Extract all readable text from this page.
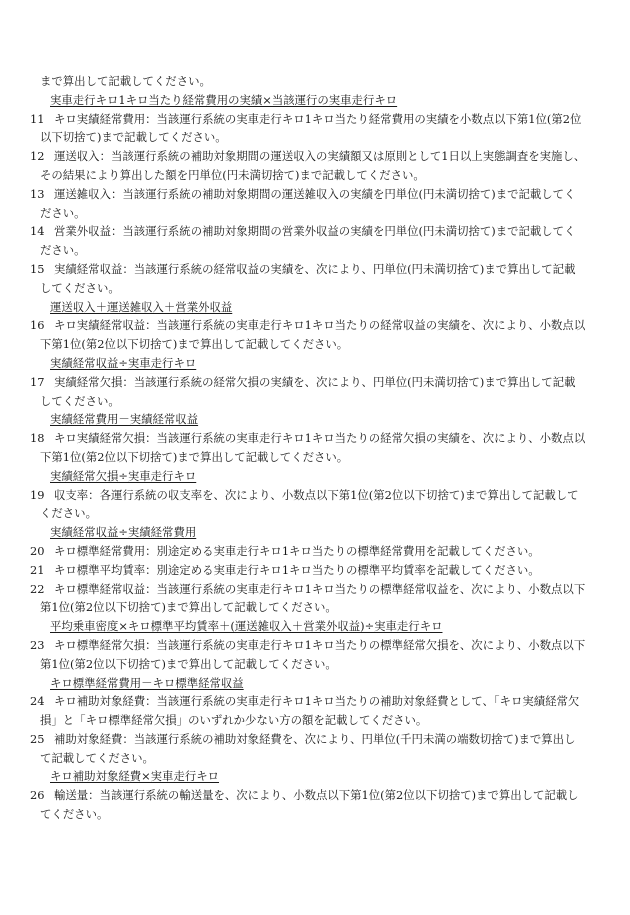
まで算出して記載してください。
実車走行キロ1キロ当たり経常費用の実績×当該運行の実車走行キロ
11 キロ実績経常費用：当該運行系統の実車走行キロ1キロ当たり経常費用の実績を小数点以下第1位(第2位
以下切捨て)まで記載してください。
12 運送収入：当該運行系統の補助対象期間の運送収入の実績額又は原則として1日以上実態調査を実施し、
その結果により算出した額を円単位(円未満切捨て)まで記載してください。
13 運送雑収入：当該運行系統の補助対象期間の運送雑収入の実績を円単位(円未満切捨て)まで記載してく
ださい。
14 営業外収益：当該運行系統の補助対象期間の営業外収益の実績を円単位(円未満切捨て)まで記載してく
ださい。
15 実績経常収益：当該運行系統の経常収益の実績を、次により、円単位(円未満切捨て)まで算出して記載
してください。
運送収入＋運送雑収入＋営業外収益
16 キロ実績経常収益：当該運行系統の実車走行キロ1キロ当たりの経常収益の実績を、次により、小数点以
下第1位(第2位以下切捨て)まで算出して記載してください。
実績経常収益÷実車走行キロ
17 実績経常欠損：当該運行系統の経常欠損の実績を、次により、円単位(円未満切捨て)まで算出して記載
してください。
実績経常費用－実績経常収益
18 キロ実績経常欠損：当該運行系統の実車走行キロ1キロ当たりの経常欠損の実績を、次により、小数点以
下第1位(第2位以下切捨て)まで算出して記載してください。
実績経常欠損÷実車走行キロ
19 収支率：各運行系統の収支率を、次により、小数点以下第1位(第2位以下切捨て)まで算出して記載して
ください。
実績経常収益÷実績経常費用
20 キロ標準経常費用：別途定める実車走行キロ1キロ当たりの標準経常費用を記載してください。
21 キロ標準平均賃率：別途定める実車走行キロ1キロ当たりの標準平均賃率を記載してください。
22 キロ標準経常収益：当該運行系統の実車走行キロ1キロ当たりの標準経常収益を、次により、小数点以下
第1位(第2位以下切捨て)まで算出して記載してください。
平均乗車密度×キロ標準平均賃率＋(運送雑収入＋営業外収益)÷実車走行キロ
23 キロ標準経常欠損：当該運行系統の実車走行キロ1キロ当たりの標準経常欠損を、次により、小数点以下
第1位(第2位以下切捨て)まで算出して記載してください。
キロ標準経常費用－キロ標準経常収益
24 キロ補助対象経費：当該運行系統の実車走行キロ1キロ当たりの補助対象経費として、「キロ実績経常欠
損」と「キロ標準経常欠損」のいずれか少ない方の額を記載してください。
25 補助対象経費：当該運行系統の補助対象経費を、次により、円単位(千円未満の端数切捨て)まで算出し
て記載してください。
キロ補助対象経費×実車走行キロ
26 輸送量：当該運行系統の輸送量を、次により、小数点以下第1位(第2位以下切捨て)まで算出して記載し
てください。
